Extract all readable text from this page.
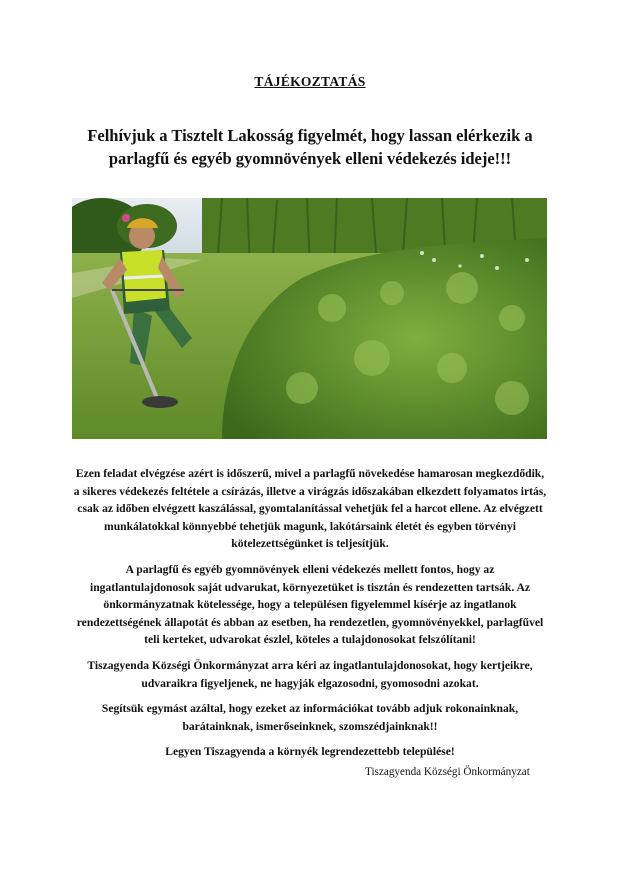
TÁJÉKOZTATÁS
Felhívjuk a Tisztelt Lakosság figyelmét, hogy lassan elérkezik a parlagfű és egyéb gyomnövények elleni védekezés ideje!!!

Ezen feladat elvégzése azért is időszerű, mivel a parlagfű növekedése hamarosan megkezdődik, a sikeres védekezés feltétele a csírázás, illetve a virágzás időszakában elkezdett folyamatos irtás, csak az időben elvégzett kaszálással, gyomtalanítással vehetjük fel a harcot ellene. Az elvégzett munkálatokkal könnyebbé tehetjük magunk, lakótársaink életét és egyben törvényi kötelezettségünket is teljesítjük.

A parlagfű és egyéb gyomnövények elleni védekezés mellett fontos, hogy az ingatlantulajdonosok saját udvarukat, környezetüket is tisztán és rendezetten tartsák. Az önkormányzatnak kötelessége, hogy a településen figyelemmel kísérje az ingatlanok rendezettségének állapotát és abban az esetben, ha rendezetlen, gyomnövényekkel, parlagfűvel teli kerteket, udvarokat észlel, köteles a tulajdonosokat felszólítani!

Tiszagyenda Községi Önkormányzat arra kéri az ingatlantulajdonosokat, hogy kertjeikre, udvaraikra figyeljenek, ne hagyják elgazosodni, gyomosodni azokat.

Segítsük egymást azáltal, hogy ezeket az információkat tovább adjuk rokonainknak, barátainknak, ismerőseinknek, szomszédjainknak!!

Legyen Tiszagyenda a környék legrendezettebb települése!

Tiszagyenda Községi Önkormányzat
